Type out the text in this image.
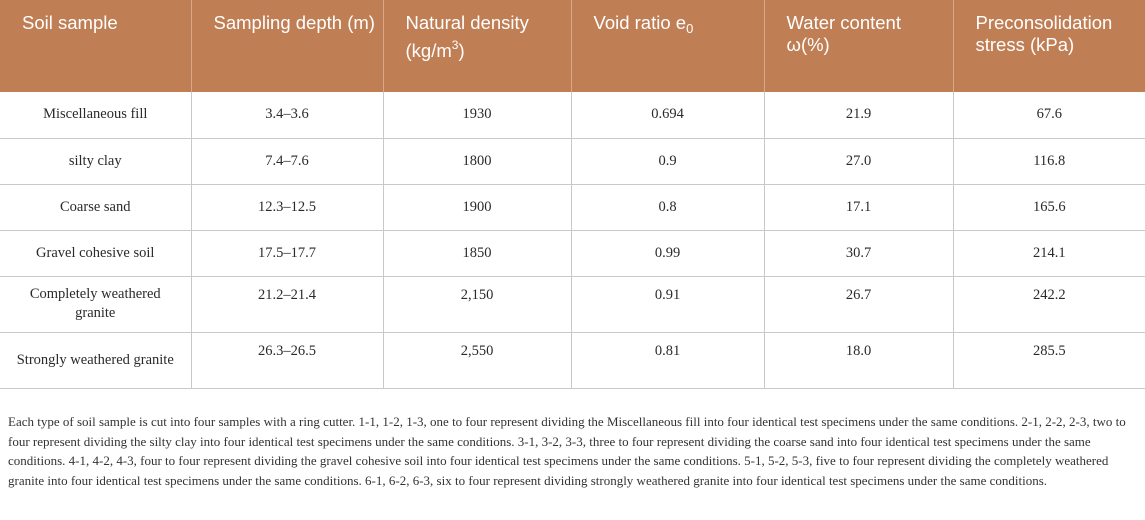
Soil sample	Sampling depth (m)	Natural density $(kg/m^3)$	Void ratio $e_0$	Water content ω(%)	Preconsolidation stress (kPa)
Miscellaneous fill	3.4–3.6	1930	0.694	21.9	67.6
silty clay	7.4–7.6	1800	0.9	27.0	116.8
Coarse sand	12.3–12.5	1900	0.8	17.1	165.6
Gravel cohesive soil	17.5–17.7	1850	0.99	30.7	214.1
Completely weathered granite	21.2–21.4	2,150	0.91	26.7	242.2
Strongly weathered granite	26.3–26.5	2,550	0.81	18.0	285.5

Each type of soil sample is cut into four samples with a ring cutter. 1-1, 1-2, 1-3, one to four represent dividing the Miscellaneous fill into four identical test specimens under the same conditions. 2-1, 2-2, 2-3, two to four represent dividing the silty clay into four identical test specimens under the same conditions. 3-1, 3-2, 3-3, three to four represent dividing the coarse sand into four identical test specimens under the same conditions. 4-1, 4-2, 4-3, four to four represent dividing the gravel cohesive soil into four identical test specimens under the same conditions. 5-1, 5-2, 5-3, five to four represent dividing the completely weathered granite into four identical test specimens under the same conditions. 6-1, 6-2, 6-3, six to four represent dividing strongly weathered granite into four identical test specimens under the same conditions.
